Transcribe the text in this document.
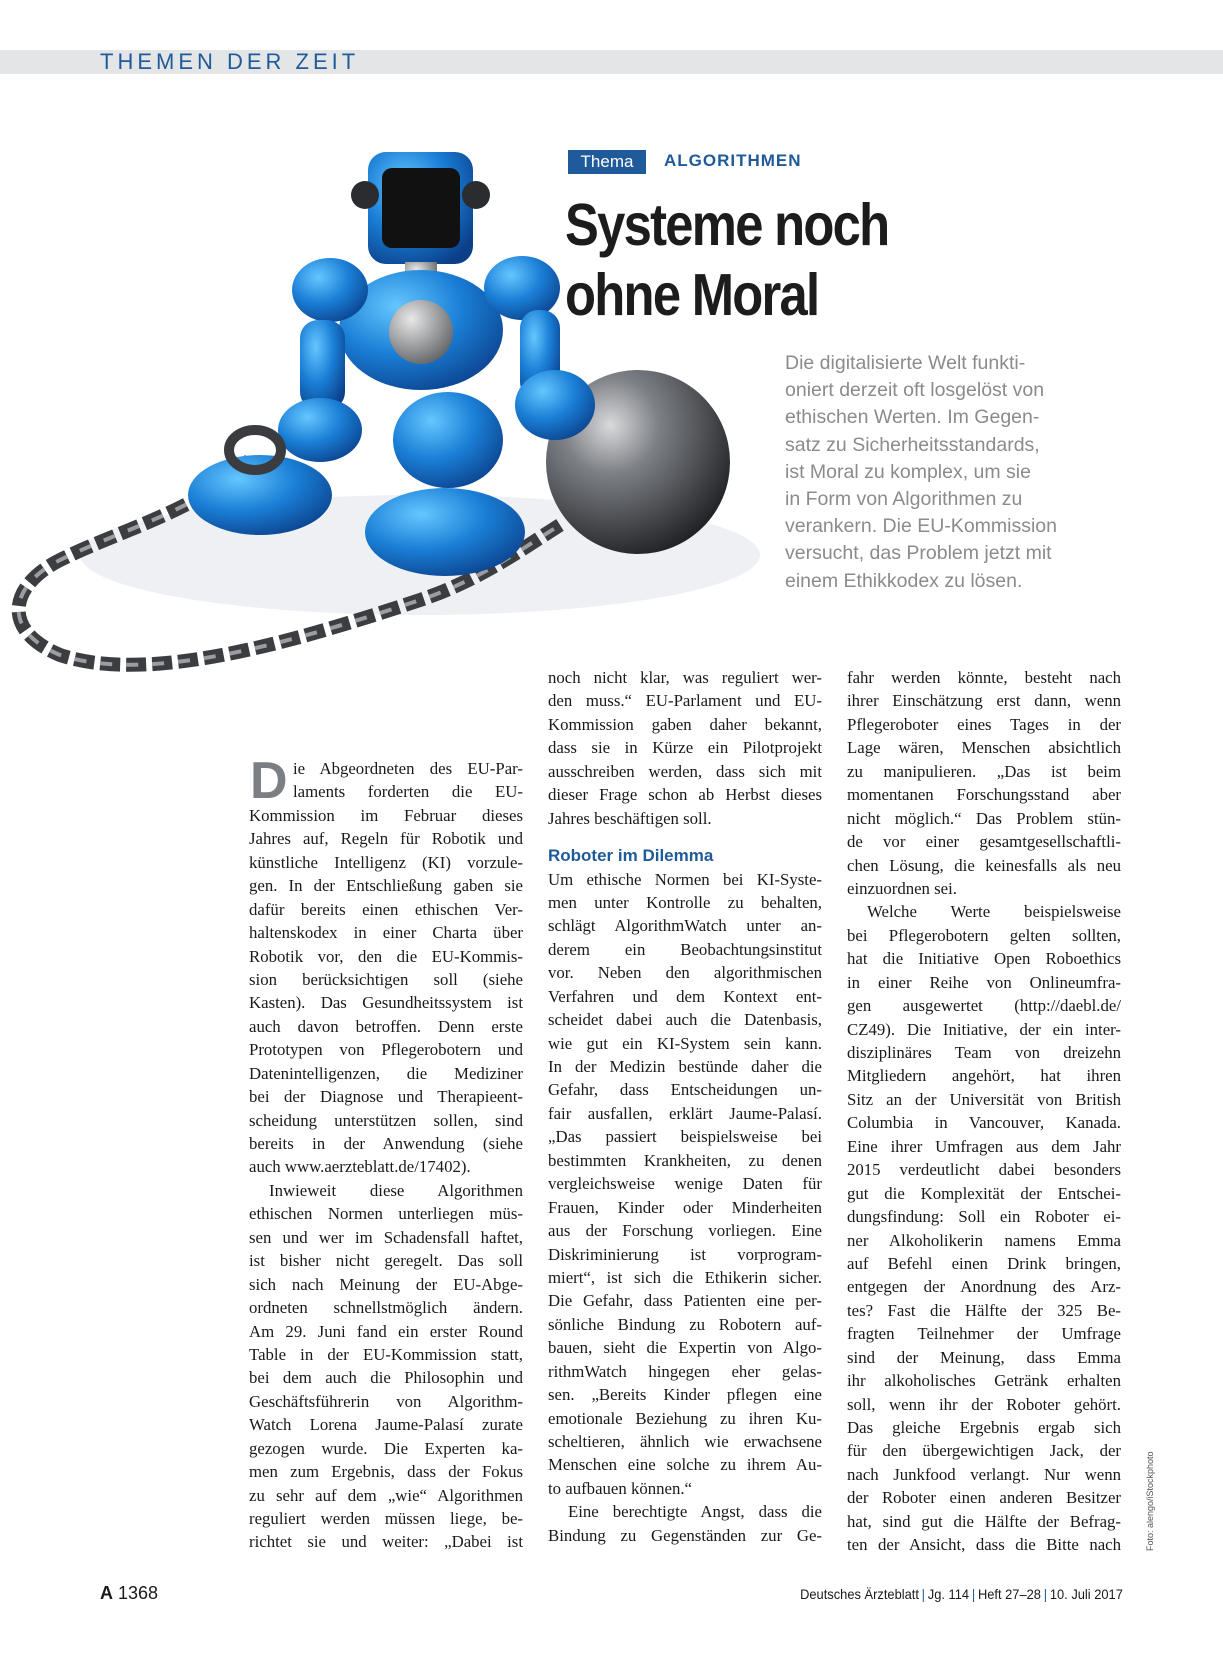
THEMEN DER ZEIT
Thema	ALGORITHMEN
Systeme noch ohne Moral
Die digitalisierte Welt funkti-
oniert derzeit oft losgelöst von
ethischen Werten. Im Gegen-
satz zu Sicherheitsstandards,
ist Moral zu komplex, um sie
in Form von Algorithmen zu
verankern. Die EU-Kommission
versucht, das Problem jetzt mit
einem Ethikkodex zu lösen.
D ie Abgeordneten des EU-Par-
laments forderten die EU-
Kommission im Februar dieses
Jahres auf, Regeln für Robotik und
künstliche Intelligenz (KI) vorzule-
gen. In der Entschließung gaben sie
dafür bereits einen ethischen Ver-
haltenskodex in einer Charta über
Robotik vor, den die EU-Kommis-
sion berücksichtigen soll (siehe
Kasten). Das Gesundheitssystem ist
auch davon betroffen. Denn erste
Prototypen von Pflegerobotern und
Datenintelligenzen, die Mediziner
bei der Diagnose und Therapieent-
scheidung unterstützen sollen, sind
bereits in der Anwendung (siehe
auch www.aerzteblatt.de/17402).
Inwieweit diese Algorithmen
ethischen Normen unterliegen müs-
sen und wer im Schadensfall haftet,
ist bisher nicht geregelt. Das soll
sich nach Meinung der EU-Abge-
ordneten schnellstmöglich ändern.
Am 29. Juni fand ein erster Round
Table in der EU-Kommission statt,
bei dem auch die Philosophin und
Geschäftsführerin von Algorithm-
Watch Lorena Jaume-Palasí zurate
gezogen wurde. Die Experten ka-
men zum Ergebnis, dass der Fokus
zu sehr auf dem „wie“ Algorithmen
reguliert werden müssen liege, be-
richtet sie und weiter: „Dabei ist
noch nicht klar, was reguliert wer-
den muss.“ EU-Parlament und EU-
Kommission gaben daher bekannt,
dass sie in Kürze ein Pilotprojekt
ausschreiben werden, dass sich mit
dieser Frage schon ab Herbst dieses
Jahres beschäftigen soll.
Roboter im Dilemma
Um ethische Normen bei KI-Syste-
men unter Kontrolle zu behalten,
schlägt AlgorithmWatch unter an-
derem ein Beobachtungsinstitut
vor. Neben den algorithmischen
Verfahren und dem Kontext ent-
scheidet dabei auch die Datenbasis,
wie gut ein KI-System sein kann.
In der Medizin bestünde daher die
Gefahr, dass Entscheidungen un-
fair ausfallen, erklärt Jaume-Palasí.
„Das passiert beispielsweise bei
bestimmten Krankheiten, zu denen
vergleichsweise wenige Daten für
Frauen, Kinder oder Minderheiten
aus der Forschung vorliegen. Eine
Diskriminierung ist vorprogram-
miert“, ist sich die Ethikerin sicher.
Die Gefahr, dass Patienten eine per-
sönliche Bindung zu Robotern auf-
bauen, sieht die Expertin von Algo-
rithmWatch hingegen eher gelas-
sen. „Bereits Kinder pflegen eine
emotionale Beziehung zu ihren Ku-
scheltieren, ähnlich wie erwachsene
Menschen eine solche zu ihrem Au-
to aufbauen können.“
Eine berechtigte Angst, dass die
Bindung zu Gegenständen zur Ge-
fahr werden könnte, besteht nach
ihrer Einschätzung erst dann, wenn
Pflegeroboter eines Tages in der
Lage wären, Menschen absichtlich
zu manipulieren. „Das ist beim
momentanen Forschungsstand aber
nicht möglich.“ Das Problem stün-
de vor einer gesamtgesellschaftli-
chen Lösung, die keinesfalls als neu
einzuordnen sei.
Welche Werte beispielsweise
bei Pflegerobotern gelten sollten,
hat die Initiative Open Roboethics
in einer Reihe von Onlineumfra-
gen ausgewertet (http://daebl.de/
CZ49). Die Initiative, der ein inter-
disziplinäres Team von dreizehn
Mitgliedern angehört, hat ihren
Sitz an der Universität von British
Columbia in Vancouver, Kanada.
Eine ihrer Umfragen aus dem Jahr
2015 verdeutlicht dabei besonders
gut die Komplexität der Entschei-
dungsfindung: Soll ein Roboter ei-
ner Alkoholikerin namens Emma
auf Befehl einen Drink bringen,
entgegen der Anordnung des Arz-
tes? Fast die Hälfte der 325 Be-
fragten Teilnehmer der Umfrage
sind der Meinung, dass Emma
ihr alkoholisches Getränk erhalten
soll, wenn ihr der Roboter gehört.
Das gleiche Ergebnis ergab sich
für den übergewichtigen Jack, der
nach Junkfood verlangt. Nur wenn
der Roboter einen anderen Besitzer
hat, sind gut die Hälfte der Befrag-
ten der Ansicht, dass die Bitte nach	Foto: alengo/iStockphoto
A 1368	Deutsches Ärzteblatt | Jg. 114 | Heft 27–28 | 10. Juli 2017
